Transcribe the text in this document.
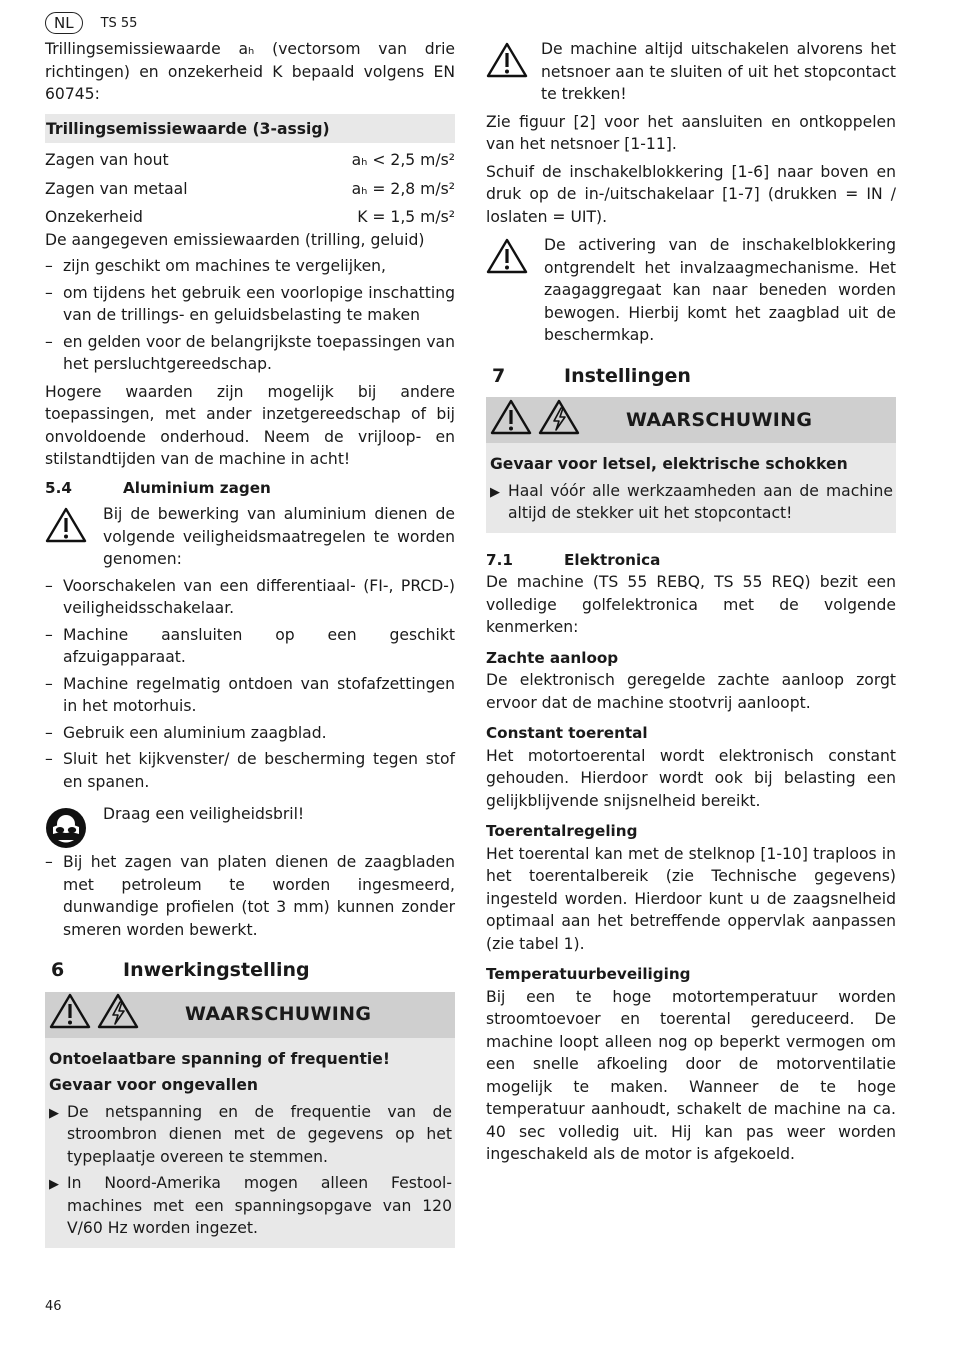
NL	TS 55

Trillingsemissiewaarde aₕ (vectorsom van drie richtingen) en onzekerheid K bepaald volgens EN 60745:

Trillingsemissiewaarde (3-assig)
Zagen van hout	aₕ < 2,5 m/s²
Zagen van metaal	aₕ = 2,8 m/s²
Onzekerheid	K = 1,5 m/s²

De aangegeven emissiewaarden (trilling, geluid)

– zijn geschikt om machines te vergelijken,
– om tijdens het gebruik een voorlopige inschatting van de trillings- en geluidsbelasting te maken
– en gelden voor de belangrijkste toepassingen van het persluchtgereedschap.

Hogere waarden zijn mogelijk bij andere toepassingen, met ander inzetgereedschap of bij onvoldoende onderhoud. Neem de vrijloop- en stilstandtijden van de machine in acht!

5.4	Aluminium zagen

Bij de bewerking van aluminium dienen de volgende veiligheidsmaatregelen te worden genomen:

– Voorschakelen van een differentiaal- (FI-, PRCD-) veiligheidsschakelaar.
– Machine aansluiten op een geschikt afzuigapparaat.
– Machine regelmatig ontdoen van stofafzettingen in het motorhuis.
– Gebruik een aluminium zaagblad.
– Sluit het kijkvenster/ de bescherming tegen stof en spanen.

Draag een veiligheidsbril!

– Bij het zagen van platen dienen de zaagbladen met petroleum te worden ingesmeerd, dunwandige profielen (tot 3 mm) kunnen zonder smeren worden bewerkt.
6	Inwerkingstelling
WAARSCHUWING

Ontoelaatbare spanning of frequentie!

Gevaar voor ongevallen

▶ De netspanning en de frequentie van de stroombron dienen met de gegevens op het typeplaatje overeen te stemmen.
▶ In Noord-Amerika mogen alleen Festool-machines met een spanningsopgave van 120 V/60 Hz worden ingezet.

De machine altijd uitschakelen alvorens het netsnoer aan te sluiten of uit het stopcontact te trekken!

Zie figuur [2] voor het aansluiten en ontkoppelen van het netsnoer [1-11].

Schuif de inschakelblokkering [1-6] naar boven en druk op de in-/uitschakelaar [1-7] (drukken = IN / loslaten = UIT).

De activering van de inschakelblokkering ontgrendelt het invalzaagmechanisme. Het zaagaggregaat kan naar beneden worden bewogen. Hierbij komt het zaagblad uit de beschermkap.

7	Instellingen
WAARSCHUWING

Gevaar voor letsel, elektrische schokken

▶ Haal vóór alle werkzaamheden aan de machine altijd de stekker uit het stopcontact!
7.1	Elektronica

De machine (TS 55 REBQ, TS 55 REQ) bezit een volledige golfelektronica met de volgende kenmerken:

Zachte aanloop

De elektronisch geregelde zachte aanloop zorgt ervoor dat de machine stootvrij aanloopt.

Constant toerental

Het motortoerental wordt elektronisch constant gehouden. Hierdoor wordt ook bij belasting een gelijkblijvende snijsnelheid bereikt.

Toerentalregeling

Het toerental kan met de stelknop [1-10] traploos in het toerentalbereik (zie Technische gegevens) ingesteld worden. Hierdoor kunt u de zaagsnelheid optimaal aan het betreffende oppervlak aanpassen (zie tabel 1).

Temperatuurbeveiliging

Bij een te hoge motortemperatuur worden stroomtoevoer en toerental gereduceerd. De machine loopt alleen nog op beperkt vermogen om een snelle afkoeling door de motorventilatie mogelijk te maken. Wanneer de te hoge temperatuur aanhoudt, schakelt de machine na ca. 40 sec volledig uit. Hij kan pas weer worden ingeschakeld als de motor is afgekoeld.

46
